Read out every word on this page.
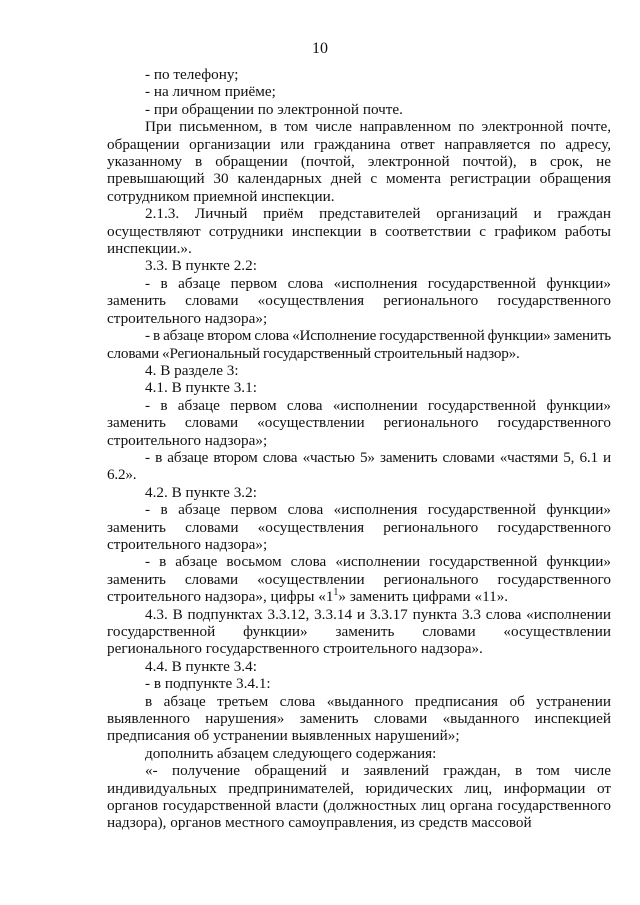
10

- по телефону;

- на личном приёме;

- при обращении по электронной почте.

При письменном, в том числе направленном по электронной почте, обращении организации или гражданина ответ направляется по адресу, указанному в обращении (почтой, электронной почтой), в срок, не превышающий 30 календарных дней с момента регистрации обращения сотрудником приемной инспекции.

2.1.3. Личный приём представителей организаций и граждан осуществляют сотрудники инспекции в соответствии с графиком работы инспекции.».

3.3. В пункте 2.2:

- в абзаце первом слова «исполнения государственной функции» заменить словами «осуществления регионального государственного строительного надзора»;

- в абзаце втором слова «Исполнение государственной функции» заменить словами «Региональный государственный строительный надзор».

4. В разделе 3:

4.1. В пункте 3.1:

- в абзаце первом слова «исполнении государственной функции» заменить словами «осуществлении регионального государственного строительного надзора»;

- в абзаце втором слова «частью 5» заменить словами «частями 5, 6.1 и 6.2».

4.2. В пункте 3.2:

- в абзаце первом слова «исполнения государственной функции» заменить словами «осуществления регионального государственного строительного надзора»;

- в абзаце восьмом слова «исполнении государственной функции» заменить словами «осуществлении регионального государственного строительного надзора», цифры «$1^1$» заменить цифрами «11».

4.3. В подпунктах 3.3.12, 3.3.14 и 3.3.17 пункта 3.3 слова «исполнении государственной функции» заменить словами «осуществлении регионального государственного строительного надзора».

4.4. В пункте 3.4:

- в подпункте 3.4.1:

в абзаце третьем слова «выданного предписания об устранении выявленного нарушения» заменить словами «выданного инспекцией предписания об устранении выявленных нарушений»;

дополнить абзацем следующего содержания:

«- получение обращений и заявлений граждан, в том числе индивидуальных предпринимателей, юридических лиц, информации от органов государственной власти (должностных лиц органа государственного надзора), органов местного самоуправления, из средств массовой
